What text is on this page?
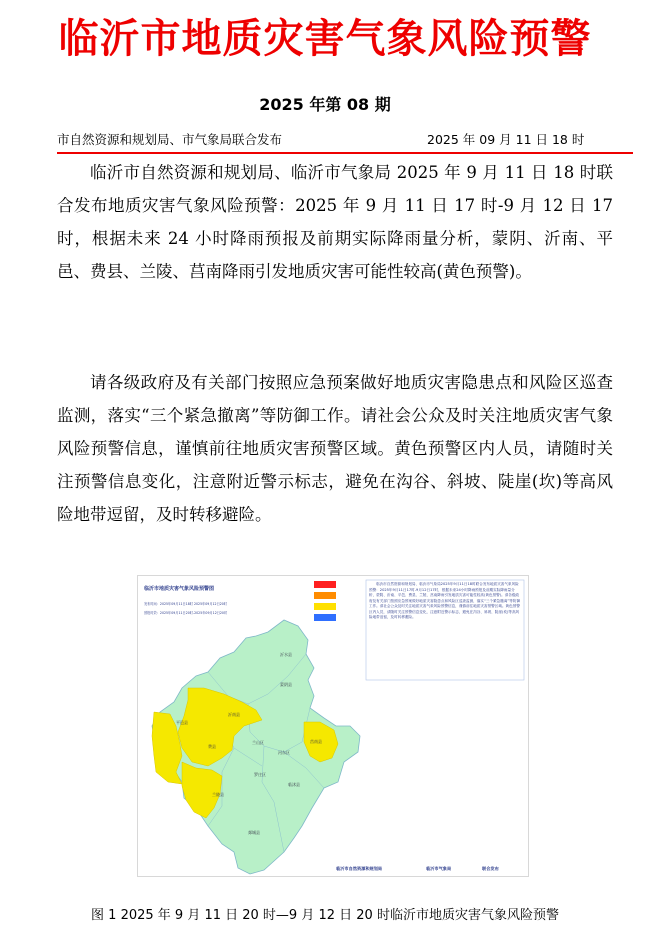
临沂市地质灾害气象风险预警
2025 年第 08 期
市自然资源和规划局、市气象局联合发布	2025 年 09 月 11 日 18 时

临沂市自然资源和规划局、临沂市气象局 2025 年 9 月 11 日 18 时联合发布地质灾害气象风险预警：2025 年 9 月 11 日 17 时-9 月 12 日 17 时，根据未来 24 小时降雨预报及前期实际降雨量分析，蒙阴、沂南、平邑、费县、兰陵、莒南降雨引发地质灾害可能性较高(黄色预警)。

请各级政府及有关部门按照应急预案做好地质灾害隐患点和风险区巡查监测，落实“三个紧急撤离”等防御工作。请社会公众及时关注地质灾害气象风险预警信息，谨慎前往地质灾害预警区域。黄色预警区内人员，请随时关注预警信息变化，注意附近警示标志，避免在沟谷、斜坡、陡崖(坎)等高风险地带逗留，及时转移避险。

临沂市地质灾害气象风险预警图
发布时间：2025年09月11日18时 2025年09月12日20时
预报时效：2025年09月11日20时-2025年09月12日20时
临沂市自然资源和规划局、临沂市气象局2025年9月11日18时联合发布地质灾害气象风险预警：2025年9月11日17时-9月12日17时，根据未来24小时降雨预报及前期实际降雨量分析，蒙阴、沂南、平邑、费县、兰陵、莒南降雨引发地质灾害可能性较高(黄色预警)。请各级政府及有关部门按照应急预案做好地质灾害隐患点和风险区巡查监测，落实“三个紧急撤离”等防御工作。请社会公众及时关注地质灾害气象风险预警信息，谨慎前往地质灾害预警区域。黄色预警区内人员，请随时关注预警信息变化，注意附近警示标志，避免在沟谷、斜坡、陡崖(坎)等高风险地带逗留，及时转移避险。
沂水县
蒙阴县
沂南县
平邑县
费县
兰山区
河东区
莒南县
临沭县
兰陵县
郯城县
罗庄区
临沂市自然资源和规划局	临沂市气象局	联合发布
图 1 2025 年 9 月 11 日 20 时—9 月 12 日 20 时临沂市地质灾害气象风险预警
